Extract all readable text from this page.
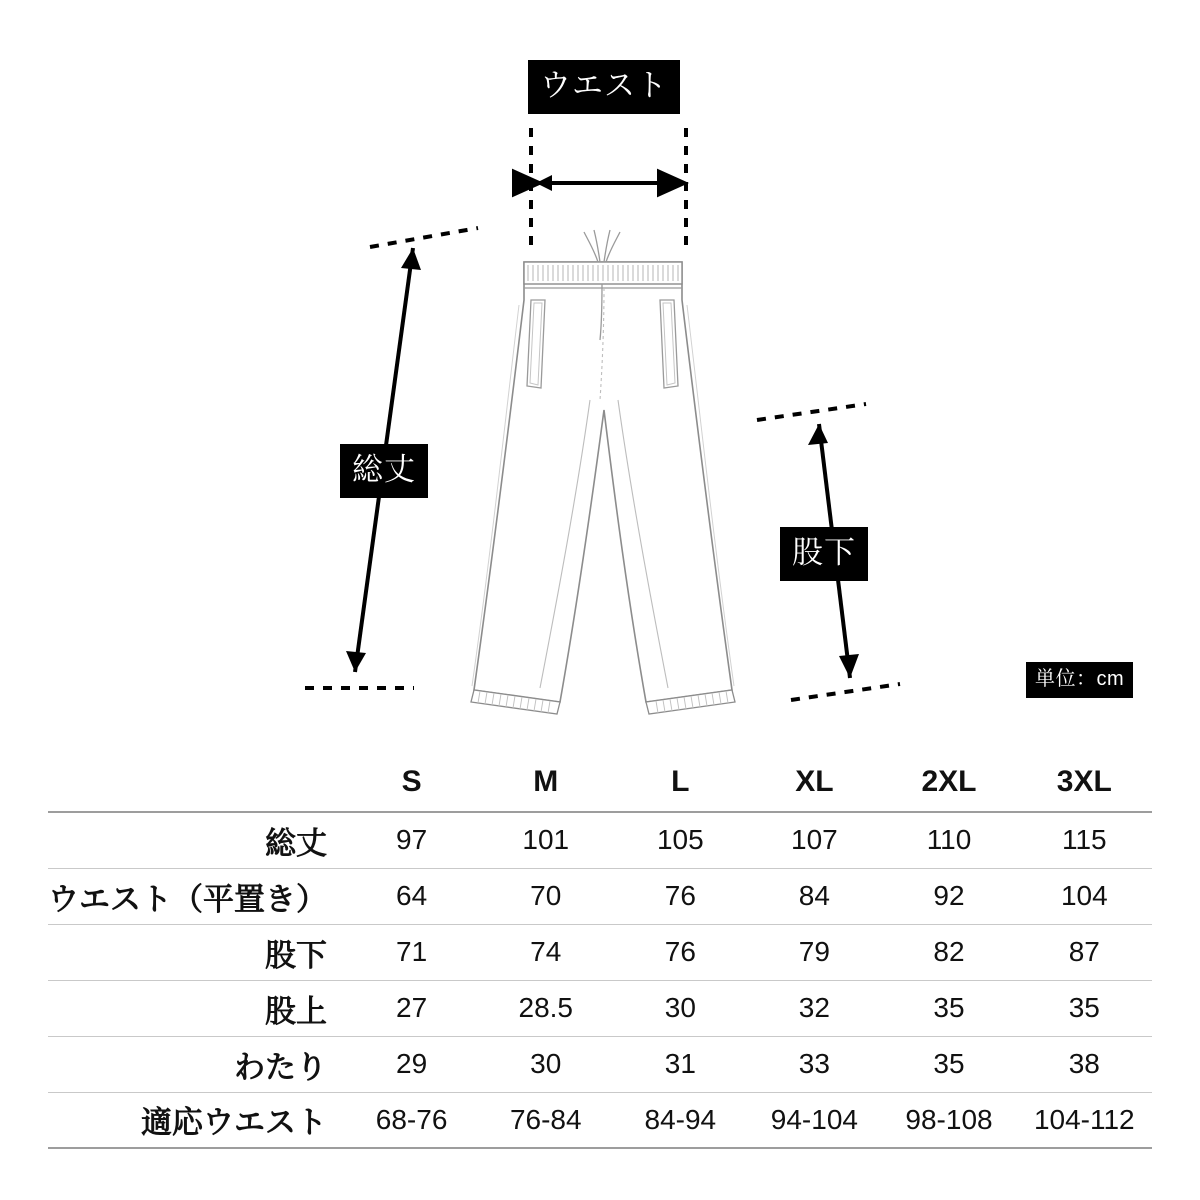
ウエスト
総丈
股下
単位：cm
	S	M	L	XL	2XL	3XL
総丈	97	101	105	107	110	115
ウエスト（平置き）	64	70	76	84	92	104
股下	71	74	76	79	82	87
股上	27	28.5	30	32	35	35
わたり	29	30	31	33	35	38
適応ウエスト	68-76	76-84	84-94	94-104	98-108	104-112
